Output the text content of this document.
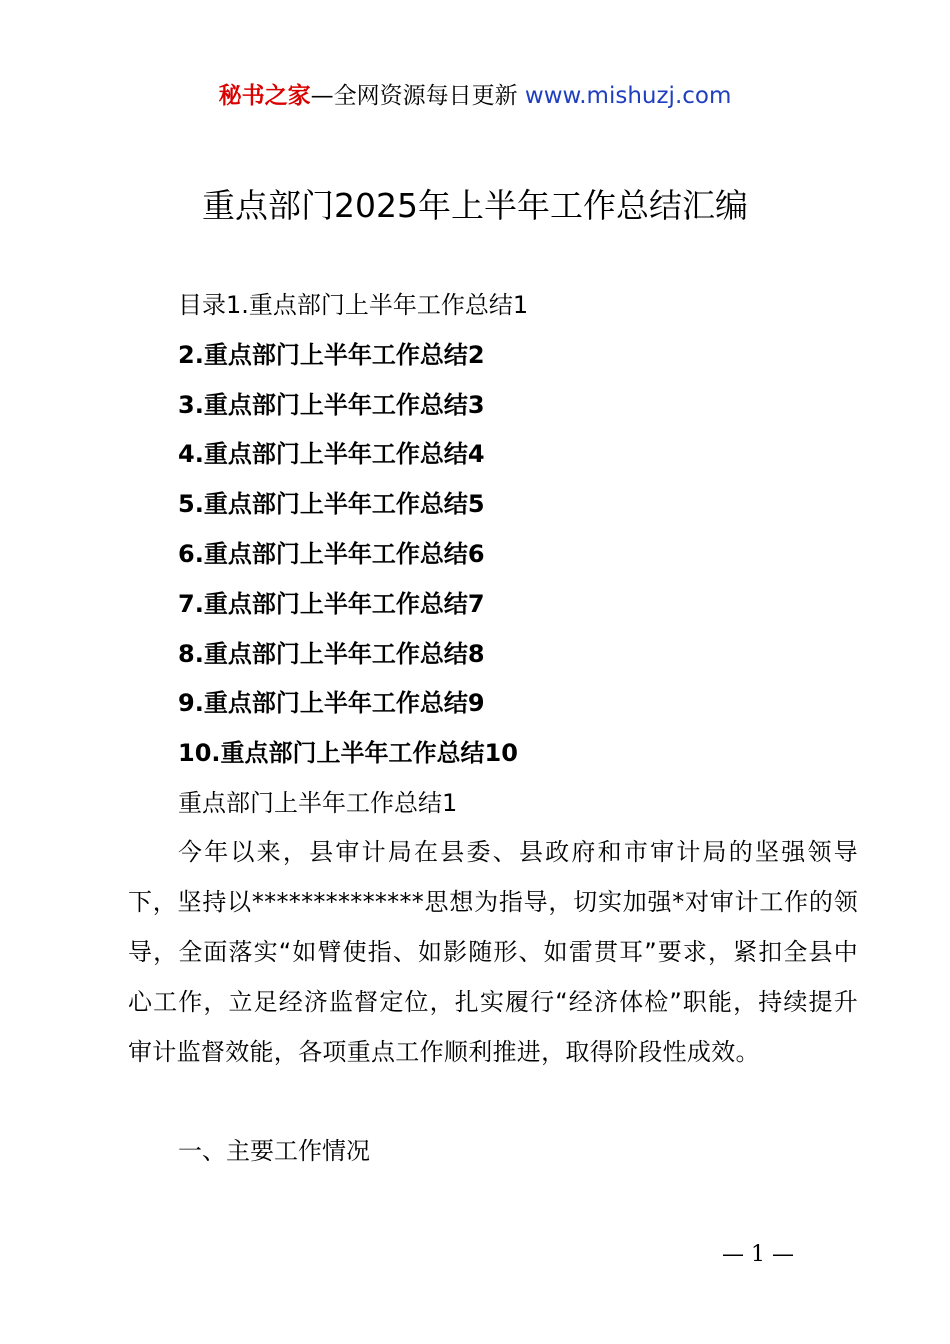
秘书之家—全网资源每日更新 www.mishuzj.com
重点部门2025年上半年工作总结汇编
目录1.重点部门上半年工作总结1
2.重点部门上半年工作总结2
3.重点部门上半年工作总结3
4.重点部门上半年工作总结4
5.重点部门上半年工作总结5
6.重点部门上半年工作总结6
7.重点部门上半年工作总结7
8.重点部门上半年工作总结8
9.重点部门上半年工作总结9
10.重点部门上半年工作总结10
重点部门上半年工作总结1
今年以来，县审计局在县委、县政府和市审计局的坚强领导下，坚持以**************思想为指导，切实加强*对审计工作的领导，全面落实“如臂使指、如影随形、如雷贯耳”要求，紧扣全县中心工作，立足经济监督定位，扎实履行“经济体检”职能，持续提升审计监督效能，各项重点工作顺利推进，取得阶段性成效。
一、主要工作情况
— 1 —
